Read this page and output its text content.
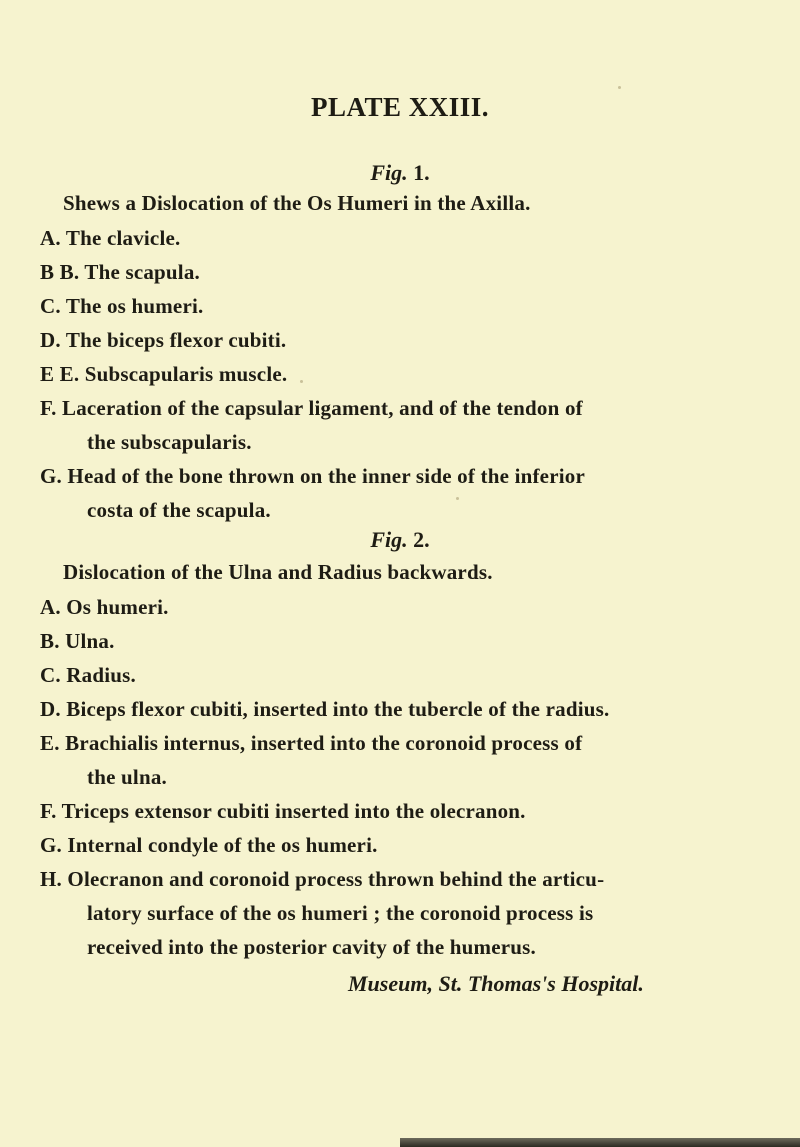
PLATE XXIII.
Fig. 1.
Shews a Dislocation of the Os Humeri in the Axilla.
A. The clavicle.
B B. The scapula.
C. The os humeri.
D. The biceps flexor cubiti.
E E. Subscapularis muscle.
F. Laceration of the capsular ligament, and of the tendon of
the subscapularis.
G. Head of the bone thrown on the inner side of the inferior
costa of the scapula.
Fig. 2.
Dislocation of the Ulna and Radius backwards.
A. Os humeri.
B. Ulna.
C. Radius.
D. Biceps flexor cubiti, inserted into the tubercle of the radius.
E. Brachialis internus, inserted into the coronoid process of
the ulna.
F. Triceps extensor cubiti inserted into the olecranon.
G. Internal condyle of the os humeri.
H. Olecranon and coronoid process thrown behind the articu-
latory surface of the os humeri ; the coronoid process is
received into the posterior cavity of the humerus.
Museum, St. Thomas's Hospital.
